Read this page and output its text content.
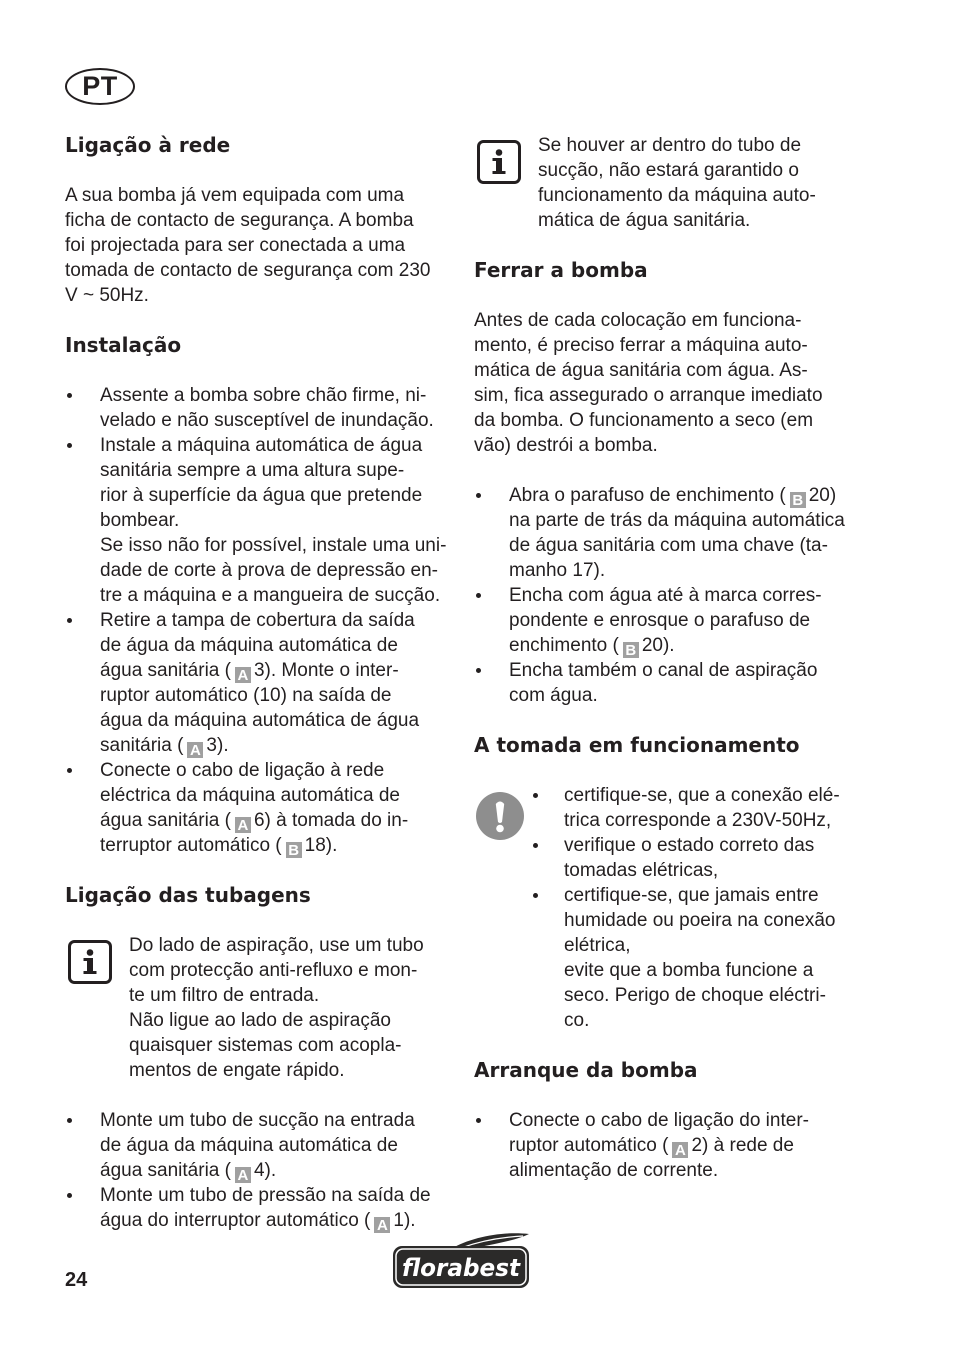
PT
Ligação à rede
A sua bomba já vem equipada com uma
ficha de contacto de segurança. A bomba
foi projectada para ser conectada a uma
tomada de contacto de segurança com 230
V ~ 50Hz.
Instalação
Assente a bomba sobre chão firme, ni-
velado e não susceptível de inundação.
Instale a máquina automática de água
sanitária sempre a uma altura supe-
rior à superfície da água que pretende
bombear.
Se isso não for possível, instale uma uni-
dade de corte à prova de depressão en-
tre a máquina e a mangueira de sucção.
Retire a tampa de cobertura da saída
de água da máquina automática de
água sanitária ( A 3). Monte o inter-
ruptor automático (10) na saída de
água da máquina automática de água
sanitária ( A 3).
Conecte o cabo de ligação à rede
eléctrica da máquina automática de
água sanitária ( A 6) à tomada do in-
terruptor automático ( B 18).
Ligação das tubagens
Do lado de aspiração, use um tubo
com protecção anti-refluxo e mon-
te um filtro de entrada.
Não ligue ao lado de aspiração
quaisquer sistemas com acopla-
mentos de engate rápido.
Monte um tubo de sucção na entrada
de água da máquina automática de
água sanitária ( A 4).
Monte um tubo de pressão na saída de
água do interruptor automático ( A 1).
Se houver ar dentro do tubo de
sucção, não estará garantido o
funcionamento da máquina auto-
mática de água sanitária.
Ferrar a bomba
Antes de cada colocação em funciona-
mento, é preciso ferrar a máquina auto-
mática de água sanitária com água. As-
sim, fica assegurado o arranque imediato
da bomba. O funcionamento a seco (em
vão) destrói a bomba.
Abra o parafuso de enchimento ( B 20)
na parte de trás da máquina automática
de água sanitária com uma chave (ta-
manho 17).
Encha com água até à marca corres-
pondente e enrosque o parafuso de
enchimento ( B 20).
Encha também o canal de aspiração
com água.
A tomada em funcionamento
certifique-se, que a conexão elé-
trica corresponde a 230V-50Hz,
verifique o estado correto das
tomadas elétricas,
certifique-se, que jamais entre
humidade ou poeira na conexão
elétrica,
evite que a bomba funcione a
seco. Perigo de choque eléctri-
co.
Arranque da bomba
Conecte o cabo de ligação do inter-
ruptor automático ( A 2) à rede de
alimentação de corrente.
24	florabest
